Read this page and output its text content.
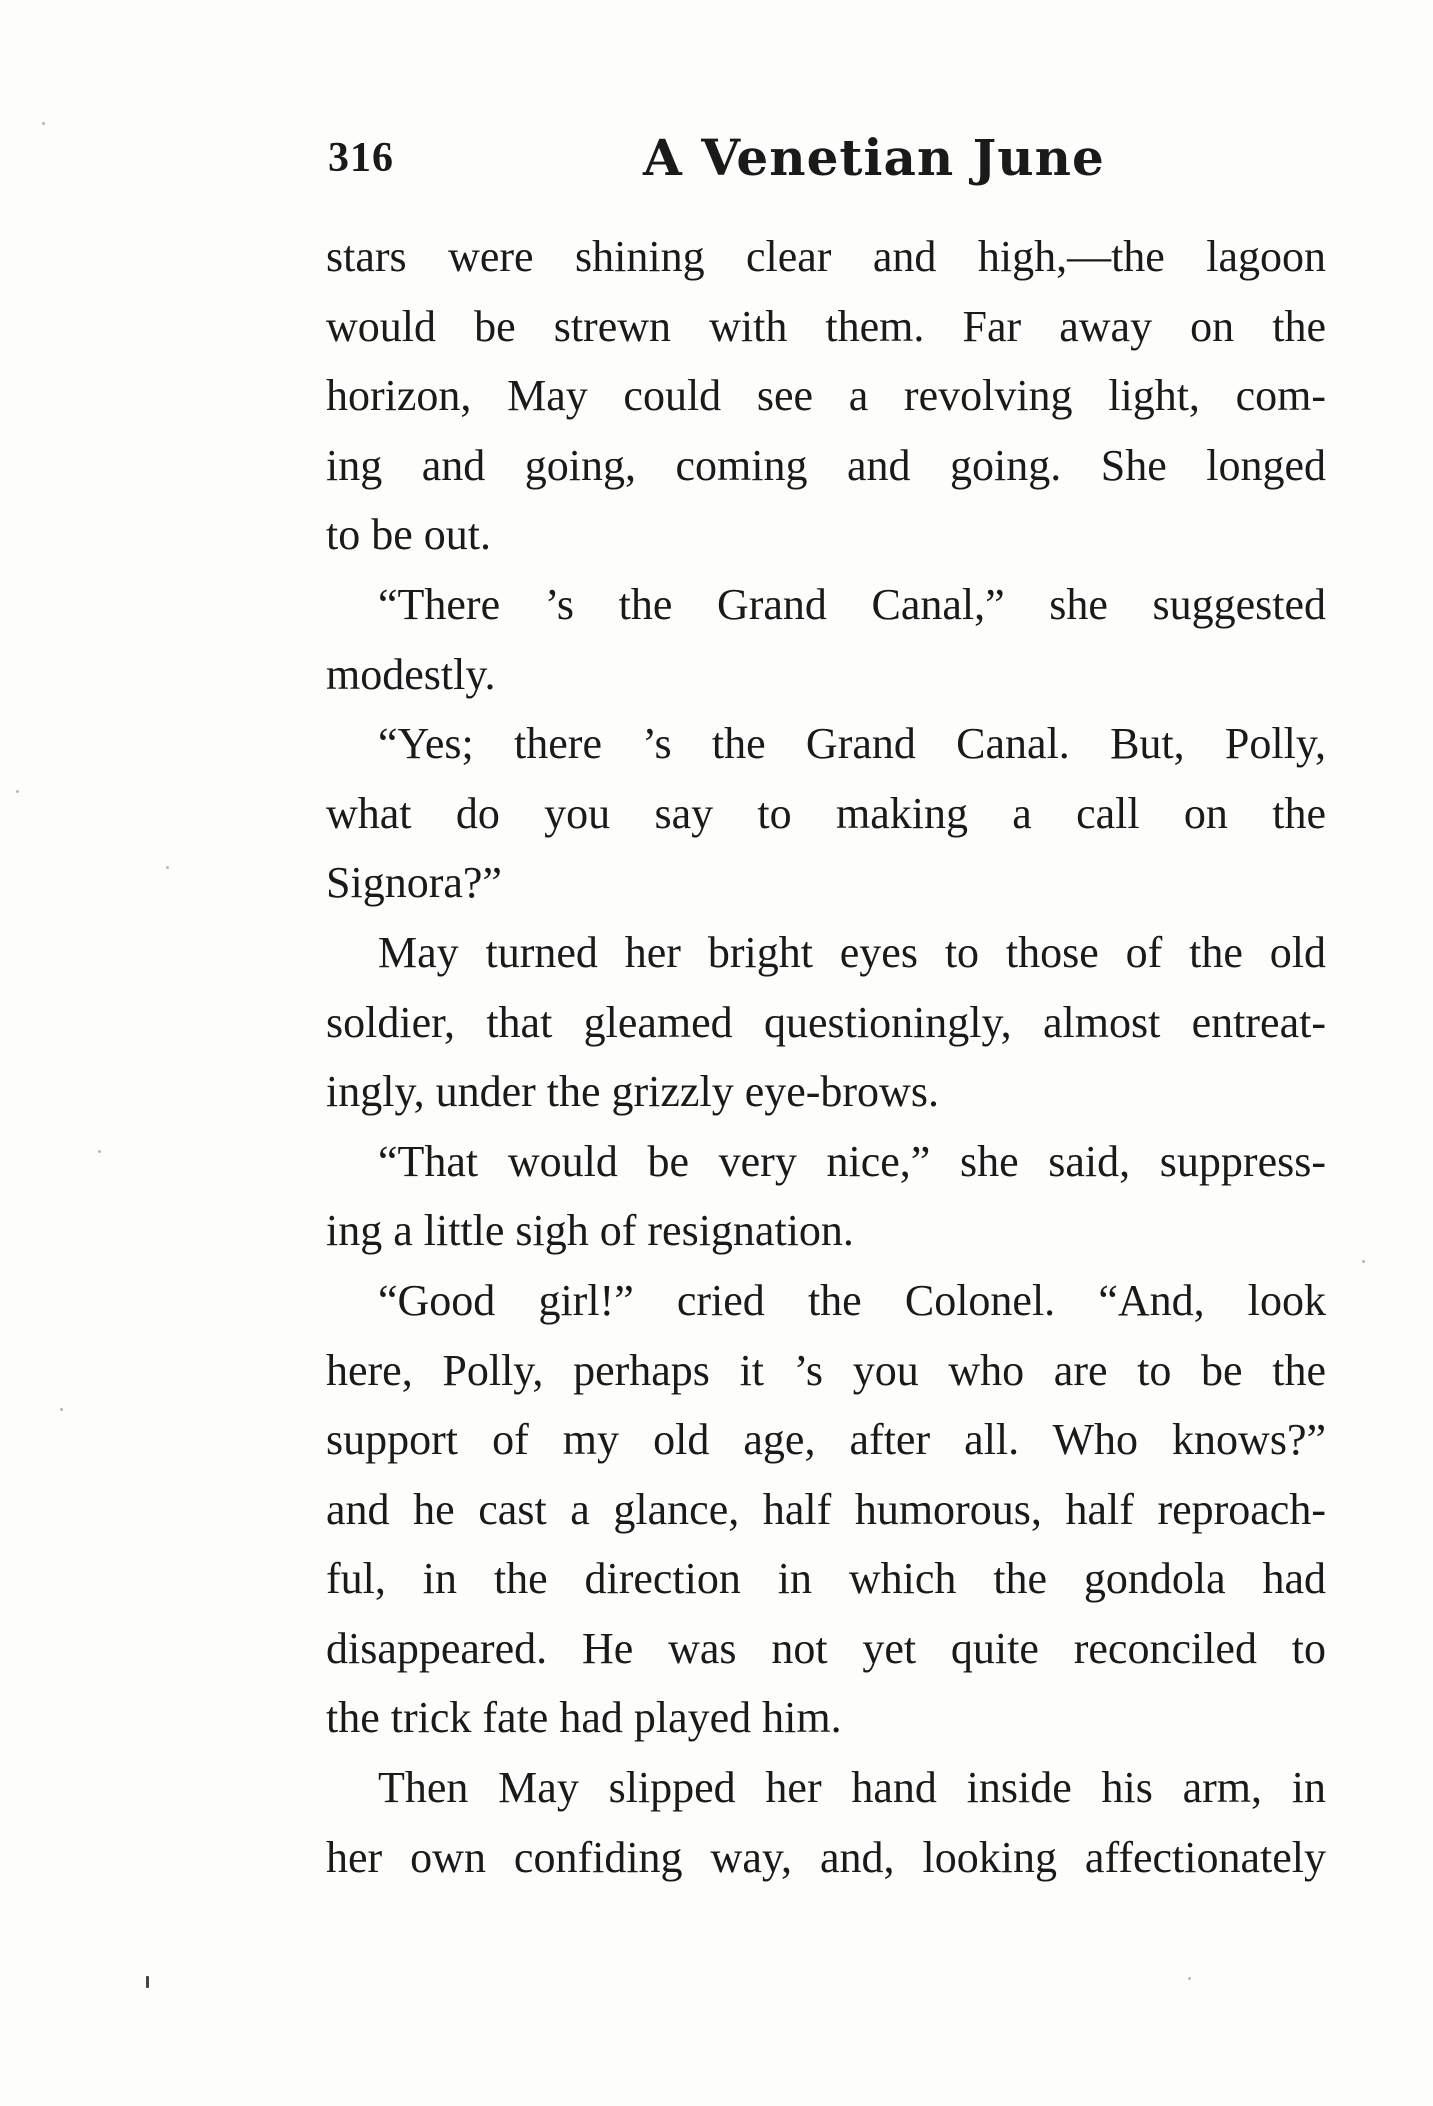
316	A Venetian June
stars were shining clear and high,—the lagoon
would be strewn with them. Far away on the
horizon, May could see a revolving light, com-
ing and going, coming and going. She longed
to be out.
“There ’s the Grand Canal,” she suggested
modestly.
“Yes; there ’s the Grand Canal. But, Polly,
what do you say to making a call on the
Signora?”
May turned her bright eyes to those of the old
soldier, that gleamed questioningly, almost entreat-
ingly, under the grizzly eye-brows.
“That would be very nice,” she said, suppress-
ing a little sigh of resignation.
“Good girl!” cried the Colonel. “And, look
here, Polly, perhaps it ’s you who are to be the
support of my old age, after all. Who knows?”
and he cast a glance, half humorous, half reproach-
ful, in the direction in which the gondola had
disappeared. He was not yet quite reconciled to
the trick fate had played him.
Then May slipped her hand inside his arm, in
her own confiding way, and, looking affectionately
